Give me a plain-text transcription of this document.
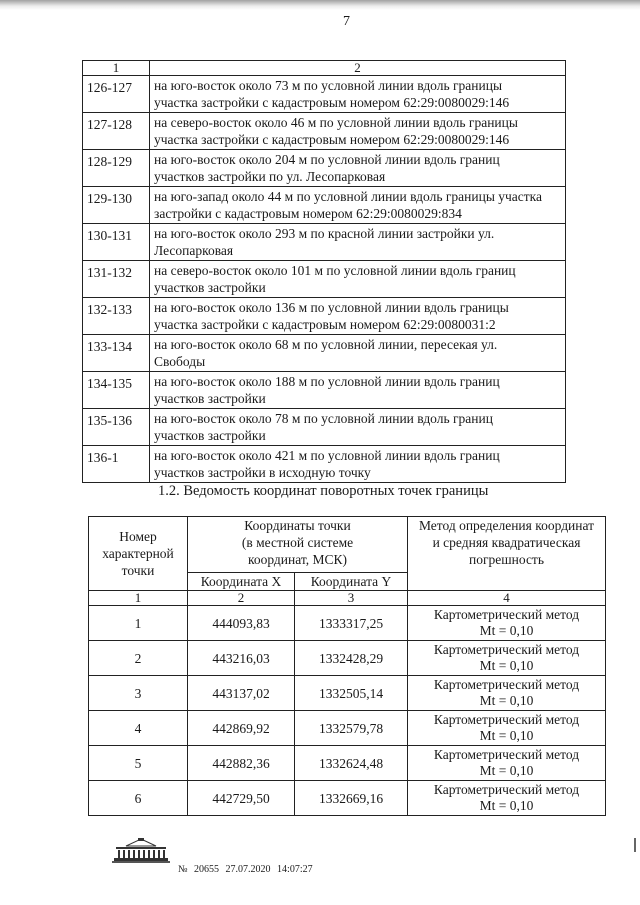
7
1	2
126-127	на юго-восток около 73 м по условной линии вдоль границы
участка застройки с кадастровым номером 62:29:0080029:146
127-128	на северо-восток около 46 м по условной линии вдоль границы
участка застройки с кадастровым номером 62:29:0080029:146
128-129	на юго-восток около 204 м по условной линии вдоль границ
участков застройки по ул. Лесопарковая
129-130	на юго-запад около 44 м по условной линии вдоль границы участка
застройки с кадастровым номером 62:29:0080029:834
130-131	на юго-восток около 293 м по красной линии застройки ул.
Лесопарковая
131-132	на северо-восток около 101 м по условной линии вдоль границ
участков застройки
132-133	на юго-восток около 136 м по условной линии вдоль границы
участка застройки с кадастровым номером 62:29:0080031:2
133-134	на юго-восток около 68 м по условной линии, пересекая ул.
Свободы
134-135	на юго-восток около 188 м по условной линии вдоль границ
участков застройки
135-136	на юго-восток около 78 м по условной линии вдоль границ
участков застройки
136-1	на юго-восток около 421 м по условной линии вдоль границ
участков застройки в исходную точку
1.2. Ведомость координат поворотных точек границы
Номер
характерной
точки	Координаты точки
(в местной системе
координат, МСК)		Метод определения координат
и средняя квадратическая
погрешность
	Координата X	Координата Y	
1	2	3	4
1	444093,83	1333317,25	Картометрический метод
Mt = 0,10
2	443216,03	1332428,29	Картометрический метод
Mt = 0,10
3	443137,02	1332505,14	Картометрический метод
Mt = 0,10
4	442869,92	1332579,78	Картометрический метод
Mt = 0,10
5	442882,36	1332624,48	Картометрический метод
Mt = 0,10
6	442729,50	1332669,16	Картометрический метод
Mt = 0,10
№ 20655 27.07.2020 14:07:27
